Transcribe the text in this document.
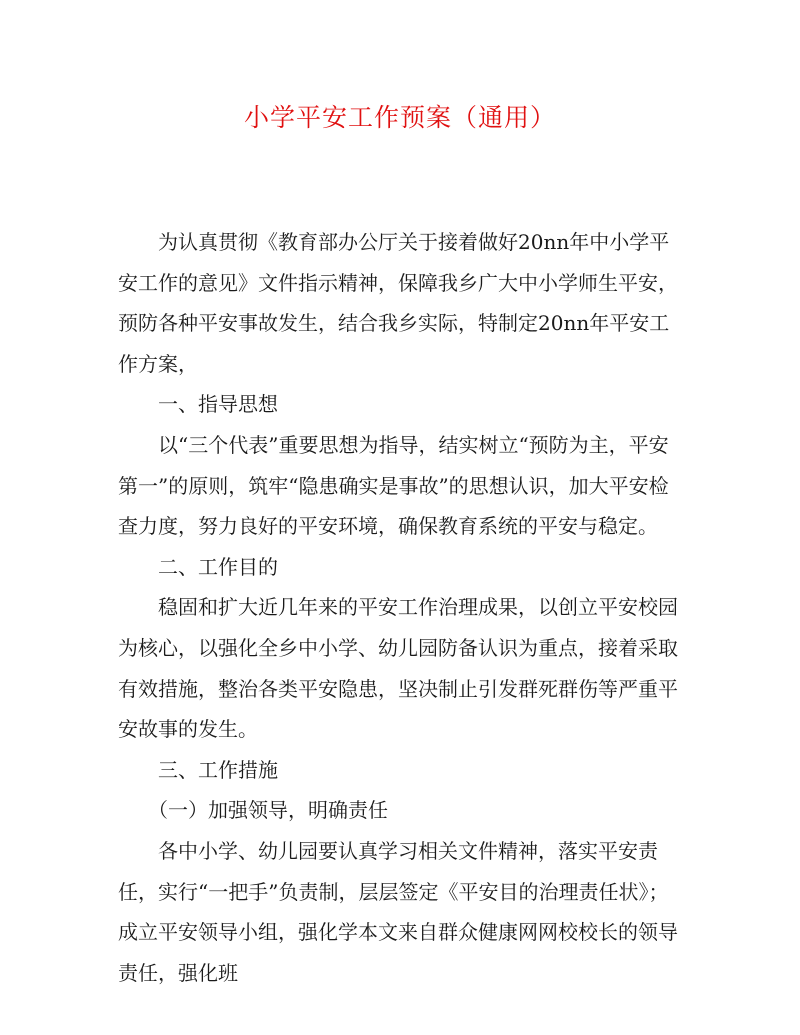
小学平安工作预案（通用）

为认真贯彻《教育部办公厅关于接着做好20nn年中小学平安工作的意见》文件指示精神，保障我乡广大中小学师生平安，预防各种平安事故发生，结合我乡实际，特制定20nn年平安工作方案，

一、指导思想

以“三个代表”重要思想为指导，结实树立“预防为主，平安第一”的原则，筑牢“隐患确实是事故”的思想认识，加大平安检查力度，努力良好的平安环境，确保教育系统的平安与稳定。

二、工作目的

稳固和扩大近几年来的平安工作治理成果，以创立平安校园为核心，以强化全乡中小学、幼儿园防备认识为重点，接着采取有效措施，整治各类平安隐患，坚决制止引发群死群伤等严重平安故事的发生。

三、工作措施

（一）加强领导，明确责任

各中小学、幼儿园要认真学习相关文件精神，落实平安责任，实行“一把手”负责制，层层签定《平安目的治理责任状》；成立平安领导小组，强化学本文来自群众健康网网校校长的领导责任，强化班
